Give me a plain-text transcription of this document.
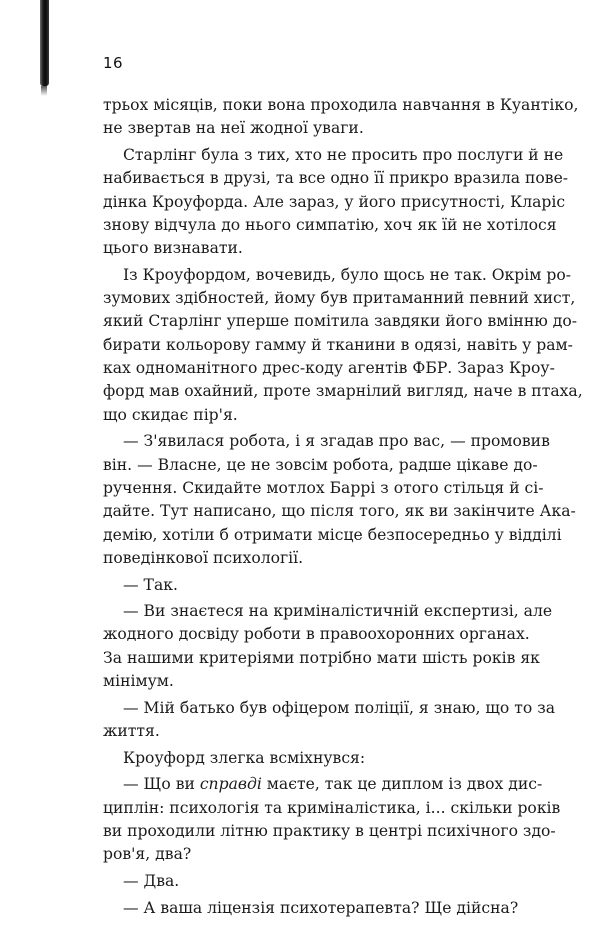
16
трьох місяців, поки вона проходила навчання в Куантіко,
не звертав на неї жодної уваги.
Старлінг була з тих, хто не просить про послуги й не
набивається в друзі, та все одно її прикро вразила пове-
дінка Кроуфорда. Але зараз, у його присутності, Кларіс
знову відчула до нього симпатію, хоч як їй не хотілося
цього визнавати.
Із Кроуфордом, вочевидь, було щось не так. Окрім ро-
зумових здібностей, йому був притаманний певний хист,
який Старлінг уперше помітила завдяки його вмінню до-
бирати кольорову гамму й тканини в одязі, навіть у рам-
ках одноманітного дрес-коду агентів ФБР. Зараз Кроу-
форд мав охайний, проте змарнілий вигляд, наче в птаха,
що скидає пір'я.
— З'явилася робота, і я згадав про вас, — промовив
він. — Власне, це не зовсім робота, радше цікаве до-
ручення. Скидайте мотлох Баррі з отого стільця й сі-
дайте. Тут написано, що після того, як ви закінчите Ака-
демію, хотіли б отримати місце безпосередньо у відділі
поведінкової психології.
— Так.
— Ви знаєтеся на криміналістичній експертизі, але
жодного досвіду роботи в правоохоронних органах.
За нашими критеріями потрібно мати шість років як
мінімум.
— Мій батько був офіцером поліції, я знаю, що то за
життя.
Кроуфорд злегка всміхнувся:
— Що ви справді маєте, так це диплом із двох дис-
циплін: психологія та криміналістика, і... скільки років
ви проходили літню практику в центрі психічного здо-
ров'я, два?
— Два.
— А ваша ліцензія психотерапевта? Ще дійсна?
